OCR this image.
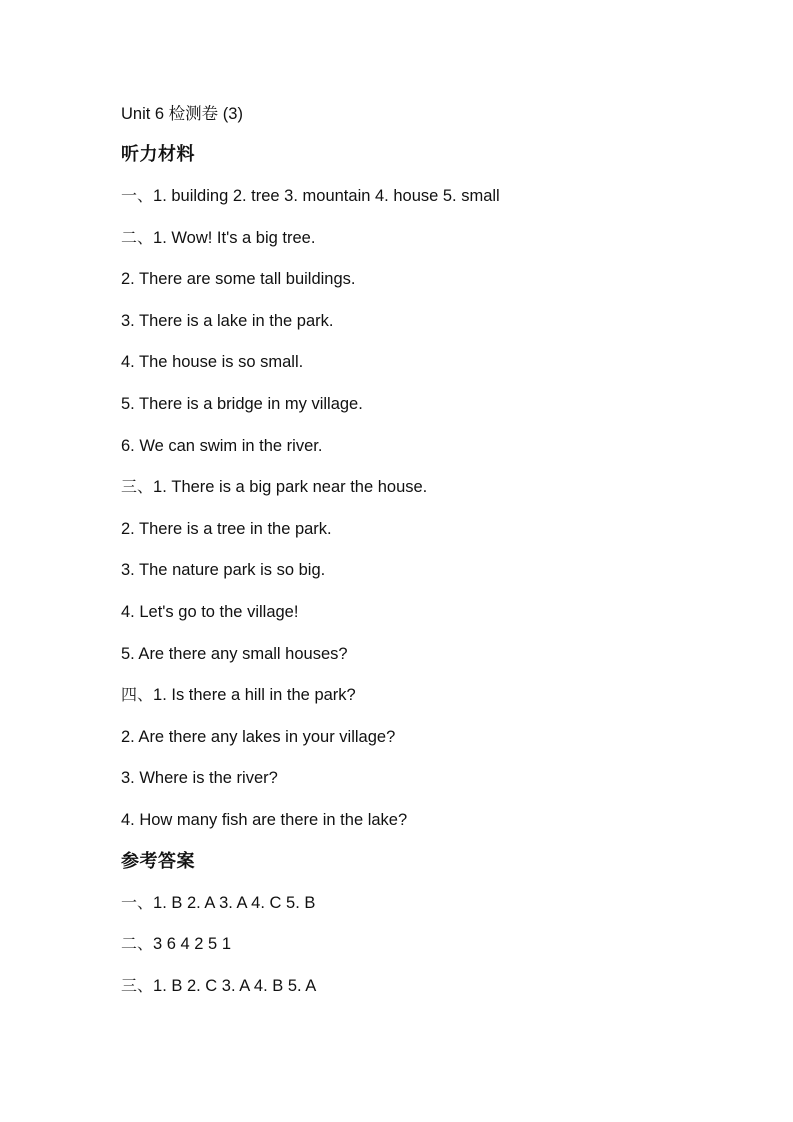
Unit 6 检测卷 (3)
听力材料
一、1. building 2. tree 3. mountain 4. house 5. small
二、1. Wow! It's a big tree.
2. There are some tall buildings.
3. There is a lake in the park.
4. The house is so small.
5. There is a bridge in my village.
6. We can swim in the river.
三、1. There is a big park near the house.
2. There is a tree in the park.
3. The nature park is so big.
4. Let's go to the village!
5. Are there any small houses?
四、1. Is there a hill in the park?
2. Are there any lakes in your village?
3. Where is the river?
4. How many fish are there in the lake?
参考答案
一、1. B 2. A 3. A 4. C 5. B
二、3 6 4 2 5 1
三、1. B 2. C 3. A 4. B 5. A
